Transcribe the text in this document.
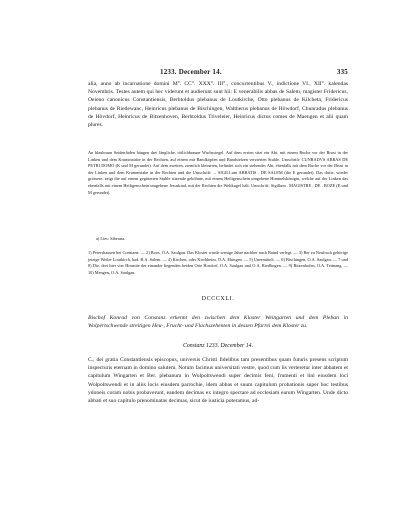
1233. December 14.	335

alia, anno ab incarnatione domini M°. CC°. XXX°. III°., concurrentibus V., indictione VI., XII°. kalendas Novembris. Testes autem qui hec viderunt et audierunt sunt hii: E venerabilis abbas de Salem, magister Fridericus, Oeieno canonicus Constantiensis, Berhtoldus plebanus de Loutkirche, Otto plebanus de Kilcheta, Fridericus plebanus de Riedewanc, Heinricus plebanus de Bischingen, Waltherus plebanus de Höwdorf, Chunradus plebanus de Hövdorf, Heinricus de Bitzenhoven, Berhtoldus Triveleier, Heinricus dictus comes de Maengen et alii quam plures.

An blaubraun Seidenfäden hängen drei längliche, rötlichbraune Wachssiegel. Auf dem ersten sitzt ein Abt, mit einem Buche vor der Brust in der Linken und dem Krummstabe in der Rechten, auf einem mit Bandköpfen und Bandstelzen verzierten Stuhle. Umschrift: CUNRADVS ABBAS DE PETRI DOMO (K und M gerundet). Auf dem zweiten, ziemlich kleineren, befindet sich ein stehender Abt, ebenfalls mit dem Buche vor der Brust in der Linken und dem Krummstabe in der Rechten und die Umschrift: ... SIGILLum ABBATIS . DE SALEM (die E gerundet). Das dritte, wieder grössere, zeigt die auf einem gegitterten Stuhle sitzende geköhnte, mit einem Heiligenschein umgebene Himmelskönigin, welche auf der Linken das ebenfalls mit einem Heiligenschein umgebene Jesuskind, mit der Rechten die Weltkugel hält. Umschrift: Sigillum . MAGISTRE . DE . BOZE (E und M gerundet).

a) Lies: Siberata.

1) Petershausen bei Constanz. — 2) Boos, O.A. Saulgau. Das Kloster wurde wenige Jahre nachher nach Baind verlegt. — 3) Ber zu Neufrach gehörige jetzige Weiler Loutkirch, bad. B.A. Salem. — 4) Kirchen, oder Kirchheim, O.A. Ehingen. — 5) Unermittelt. — 6) Bischingen, O.A. Saulgau. — 7 und 8) Die, drei hier vier Hosmite der einander liegenden beiden Orte Hosdorf, O.A. Saulgau und O.A. Riedlingen. — 9) Bitzenhofen, O.A. Tettnang. — 10) Mengen, O.A. Saulgau.

DCCCXLI.

Bischof Konrad von Constanz erkennt den zwischen dem Kloster Weingarten und dem Pleban in Wolpertschwende streitigen Heu-, Frucht- und Flachszehenten in dessen Pfarrei dem Kloster zu.

Constanz 1233. December 14.

C., dei gratia Constantiensis episcopus, universis Christi fidelibus tam presentibus quam futuris presens scriptum inspecturis eternam in domino salutem. Notum facimus universitati vestre, quod cum lis verteretur inter abbatem et capitulum Wingarten et Ber. plebanum in Wolpoltswendi super decimis feni, frumenti et lini eiusdem loci Wolpoltswendi et in aliis locis eiusdem parrochie, idem abbas et suum capitulum probationis super hoc testibus ydoneis coram nobis probaverunt, eandem decimas ex integro spectare ad ecclesiam earum Wingarten. Unde dicto abbati et suo capitulo prenominatas decimas, sicut de iusticia poteramus, ad-
